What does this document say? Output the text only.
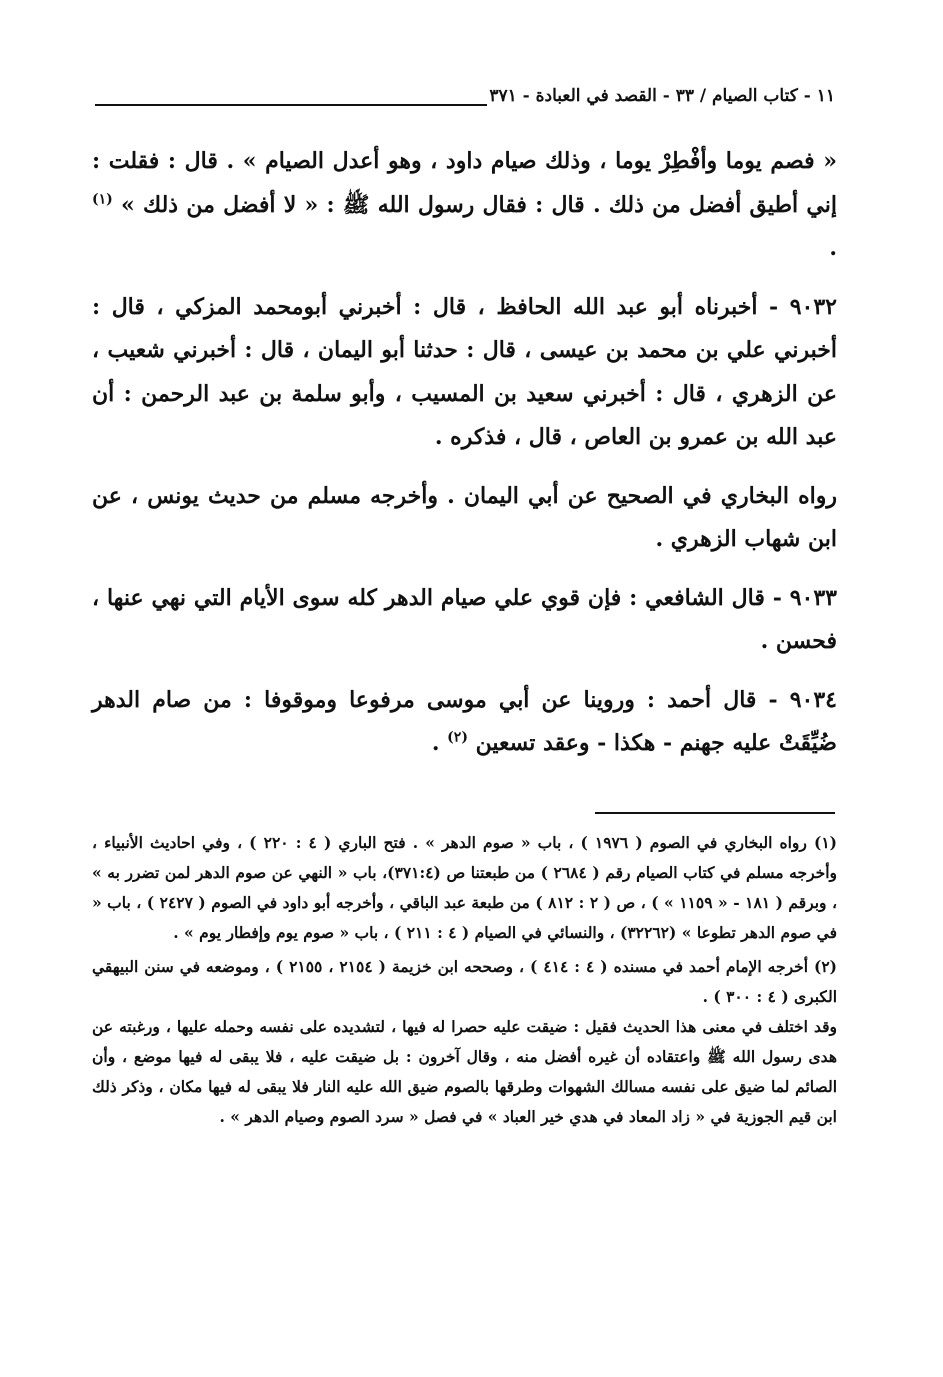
١١ - كتاب الصيام / ٣٣ - القصد في العبادة - ٣٧١

« فصم يوما وأفْطِرْ يوما ، وذلك صيام داود ، وهو أعدل الصيام » . قال : فقلت : إني أطيق أفضل من ذلك . قال : فقال رسول الله ﷺ : « لا أفضل من ذلك » $^{(١)}$ .

٩٠٣٢ - أخبرناه أبو عبد الله الحافظ ، قال : أخبرني أبومحمد المزكي ، قال : أخبرني علي بن محمد بن عيسى ، قال : حدثنا أبو اليمان ، قال : أخبرني شعيب ، عن الزهري ، قال : أخبرني سعيد بن المسيب ، وأبو سلمة بن عبد الرحمن : أن عبد الله بن عمرو بن العاص ، قال ، فذكره .

رواه البخاري في الصحيح عن أبي اليمان . وأخرجه مسلم من حديث يونس ، عن ابن شهاب الزهري .

٩٠٣٣ - قال الشافعي : فإن قوي علي صيام الدهر كله سوى الأيام التي نهي عنها ، فحسن .

٩٠٣٤ - قال أحمد : وروينا عن أبي موسى مرفوعا وموقوفا : من صام الدهر ضُيِّقَتْ عليه جهنم - هكذا - وعقد تسعين $^{(٢)}$ .

(١) رواه البخاري في الصوم ( ١٩٧٦ ) ، باب « صوم الدهر » . فتح الباري ( ٤ : ٢٢٠ ) ، وفي احاديث الأنبياء ، وأخرجه مسلم في كتاب الصيام رقم ( ٢٦٨٤ ) من طبعتنا ص (٣٧١:٤)، باب « النهي عن صوم الدهر لمن تضرر به » ، وبرقم ( ١٨١ - « ١١٥٩ » ) ، ص ( ٢ : ٨١٢ ) من طبعة عبد الباقي ، وأخرجه أبو داود في الصوم ( ٢٤٢٧ ) ، باب « في صوم الدهر تطوعا » (٣٢٢٦٢) ، والنسائي في الصيام ( ٤ : ٢١١ ) ، باب « صوم يوم وإفطار يوم » .

(٢) أخرجه الإمام أحمد في مسنده ( ٤ : ٤١٤ ) ، وصححه ابن خزيمة ( ٢١٥٤ ، ٢١٥٥ ) ، وموضعه في سنن البيهقي الكبرى ( ٤ : ٣٠٠ ) .

وقد اختلف في معنى هذا الحديث فقيل : ضيقت عليه حصرا له فيها ، لتشديده على نفسه وحمله عليها ، ورغبته عن هدى رسول الله ﷺ واعتقاده أن غيره أفضل منه ، وقال آخرون : بل ضيقت عليه ، فلا يبقى له فيها موضع ، وأن الصائم لما ضيق على نفسه مسالك الشهوات وطرقها بالصوم ضيق الله عليه النار فلا يبقى له فيها مكان ، وذكر ذلك ابن قيم الجوزية في « زاد المعاد في هدي خير العباد » في فصل « سرد الصوم وصيام الدهر » .
